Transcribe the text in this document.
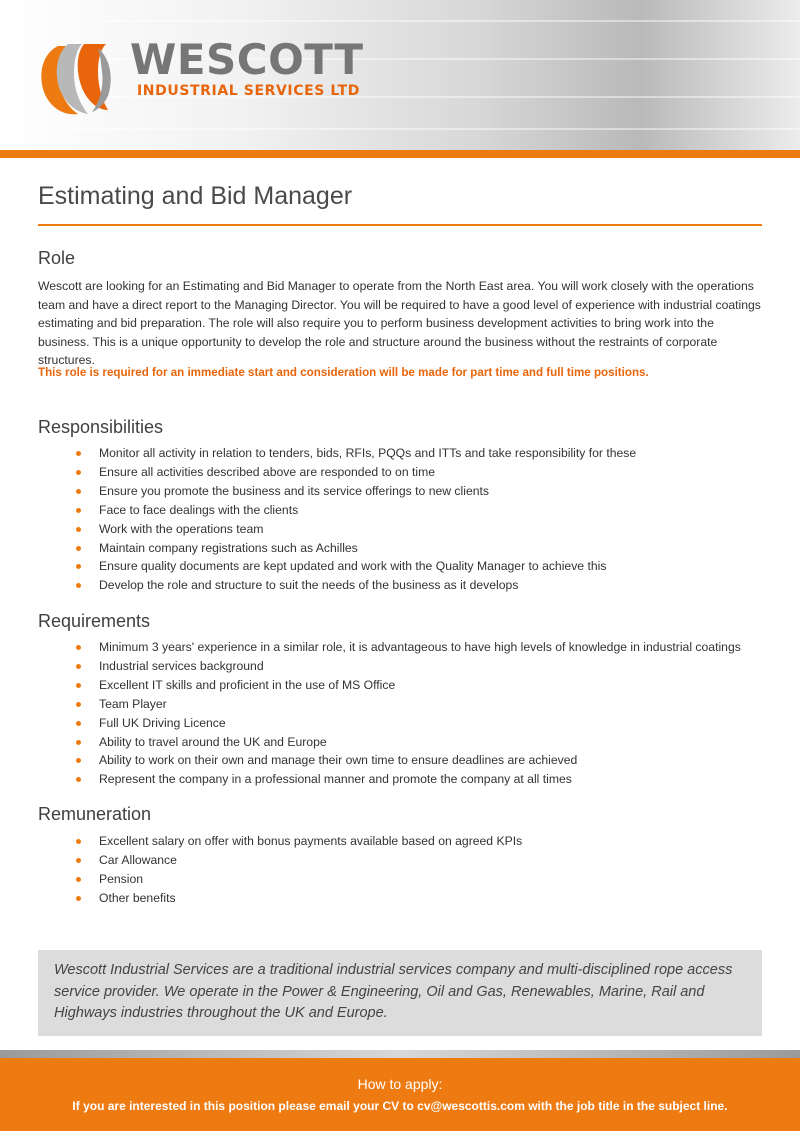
WESCOTT
INDUSTRIAL SERVICES LTD
Estimating and Bid Manager
Role

Wescott are looking for an Estimating and Bid Manager to operate from the North East area. You will work closely with the operations team and have a direct report to the Managing Director. You will be required to have a good level of experience with industrial coatings estimating and bid preparation. The role will also require you to perform business development activities to bring work into the business. This is a unique opportunity to develop the role and structure around the business without the restraints of corporate structures.

This role is required for an immediate start and consideration will be made for part time and full time positions.

Responsibilities
Monitor all activity in relation to tenders, bids, RFIs, PQQs and ITTs and take responsibility for these
Ensure all activities described above are responded to on time
Ensure you promote the business and its service offerings to new clients
Face to face dealings with the clients
Work with the operations team
Maintain company registrations such as Achilles
Ensure quality documents are kept updated and work with the Quality Manager to achieve this
Develop the role and structure to suit the needs of the business as it develops
Requirements
Minimum 3 years' experience in a similar role, it is advantageous to have high levels of knowledge in industrial coatings
Industrial services background
Excellent IT skills and proficient in the use of MS Office
Team Player
Full UK Driving Licence
Ability to travel around the UK and Europe
Ability to work on their own and manage their own time to ensure deadlines are achieved
Represent the company in a professional manner and promote the company at all times
Remuneration
Excellent salary on offer with bonus payments available based on agreed KPIs
Car Allowance
Pension
Other benefits

Wescott Industrial Services are a traditional industrial services company and multi-disciplined rope access service provider. We operate in the Power & Engineering, Oil and Gas, Renewables, Marine, Rail and Highways industries throughout the UK and Europe.

How to apply:
If you are interested in this position please email your CV to cv@wescottis.com with the job title in the subject line.
